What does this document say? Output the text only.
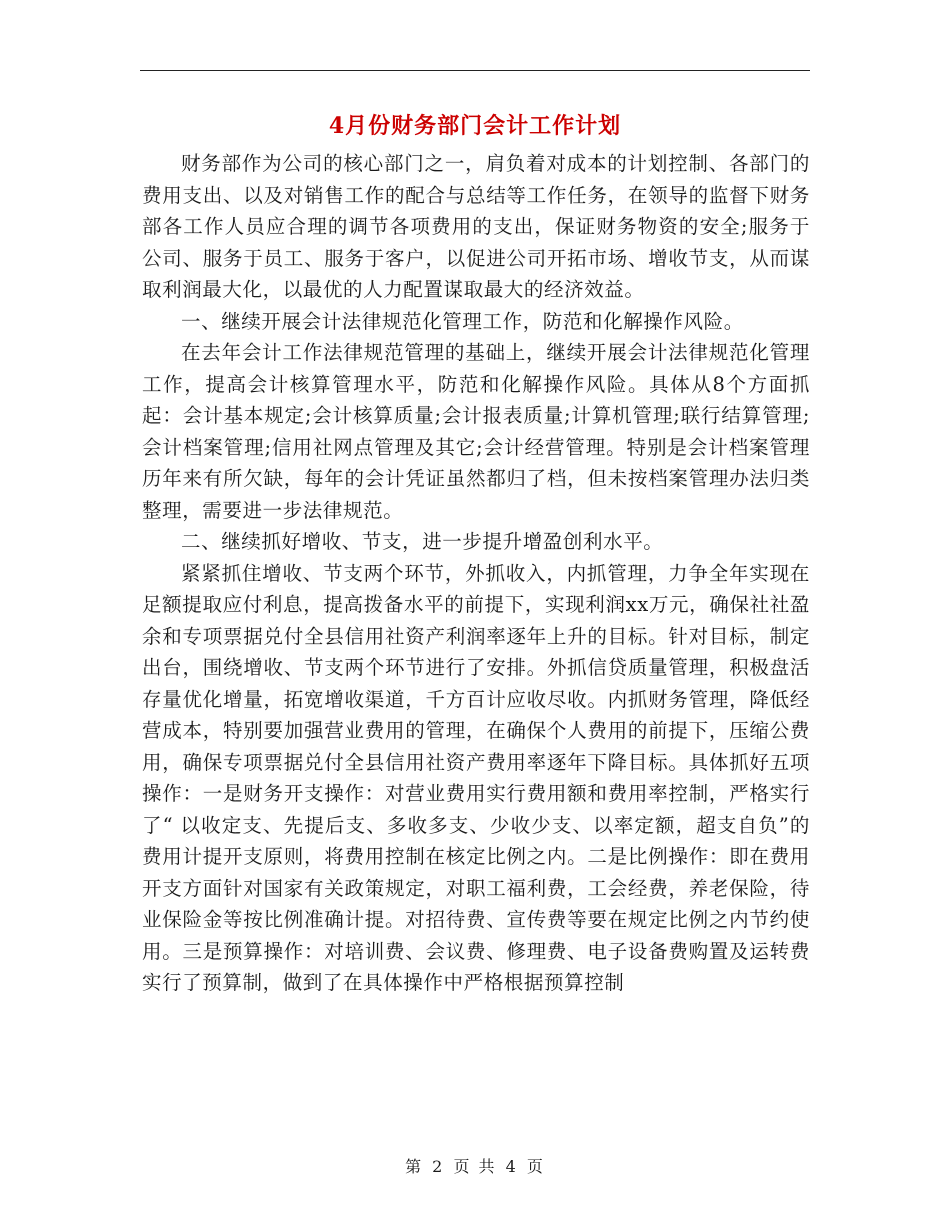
4月份财务部门会计工作计划

财务部作为公司的核心部门之一，肩负着对成本的计划控制、各部门的费用支出、以及对销售工作的配合与总结等工作任务，在领导的监督下财务部各工作人员应合理的调节各项费用的支出，保证财务物资的安全;服务于公司、服务于员工、服务于客户，以促进公司开拓市场、增收节支，从而谋取利润最大化，以最优的人力配置谋取最大的经济效益。

一、继续开展会计法律规范化管理工作，防范和化解操作风险。

在去年会计工作法律规范管理的基础上，继续开展会计法律规范化管理工作，提高会计核算管理水平，防范和化解操作风险。具体从8个方面抓起：会计基本规定;会计核算质量;会计报表质量;计算机管理;联行结算管理;会计档案管理;信用社网点管理及其它;会计经营管理。特别是会计档案管理历年来有所欠缺，每年的会计凭证虽然都归了档，但未按档案管理办法归类整理，需要进一步法律规范。

二、继续抓好增收、节支，进一步提升增盈创利水平。

紧紧抓住增收、节支两个环节，外抓收入，内抓管理，力争全年实现在足额提取应付利息，提高拨备水平的前提下，实现利润xx万元，确保社社盈余和专项票据兑付全县信用社资产利润率逐年上升的目标。针对目标，制定出台，围绕增收、节支两个环节进行了安排。外抓信贷质量管理，积极盘活存量优化增量，拓宽增收渠道，千方百计应收尽收。内抓财务管理，降低经营成本，特别要加强营业费用的管理，在确保个人费用的前提下，压缩公费用，确保专项票据兑付全县信用社资产费用率逐年下降目标。具体抓好五项操作：一是财务开支操作：对营业费用实行费用额和费用率控制，严格实行了“ 以收定支、先提后支、多收多支、少收少支、以率定额，超支自负”的费用计提开支原则，将费用控制在核定比例之内。二是比例操作：即在费用开支方面针对国家有关政策规定，对职工福利费，工会经费，养老保险，待业保险金等按比例准确计提。对招待费、宣传费等要在规定比例之内节约使用。三是预算操作：对培训费、会议费、修理费、电子设备费购置及运转费实行了预算制，做到了在具体操作中严格根据预算控制

第 2 页 共 4 页
